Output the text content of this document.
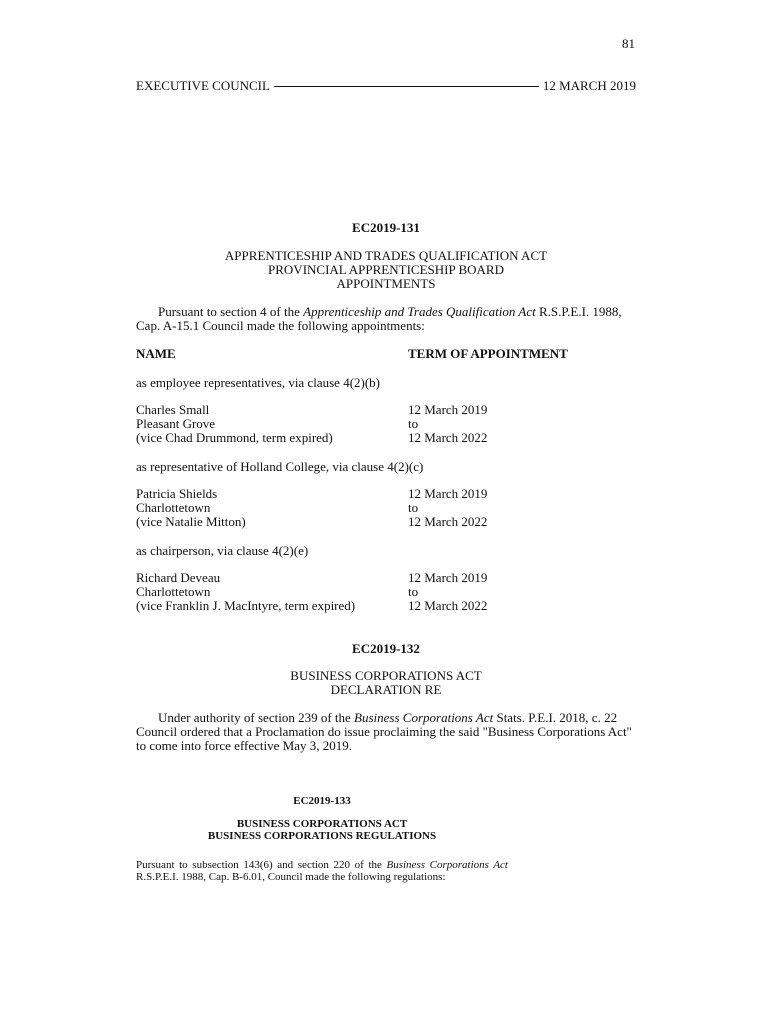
81
EXECUTIVE COUNCIL	12 MARCH 2019
EC2019-131
APPRENTICESHIP AND TRADES QUALIFICATION ACT
PROVINCIAL APPRENTICESHIP BOARD
APPOINTMENTS
Pursuant to section 4 of the Apprenticeship and Trades Qualification Act R.S.P.E.I. 1988, Cap. A-15.1 Council made the following appointments:
NAME	TERM OF APPOINTMENT
as employee representatives, via clause 4(2)(b)
Charles Small
Pleasant Grove
(vice Chad Drummond, term expired)
12 March 2019
to
12 March 2022
as representative of Holland College, via clause 4(2)(c)
Patricia Shields
Charlottetown
(vice Natalie Mitton)
12 March 2019
to
12 March 2022
as chairperson, via clause 4(2)(e)
Richard Deveau
Charlottetown
(vice Franklin J. MacIntyre, term expired)
12 March 2019
to
12 March 2022
EC2019-132
BUSINESS CORPORATIONS ACT
DECLARATION RE
Under authority of section 239 of the Business Corporations Act Stats. P.E.I. 2018, c. 22 Council ordered that a Proclamation do issue proclaiming the said "Business Corporations Act" to come into force effective May 3, 2019.
EC2019-133
BUSINESS CORPORATIONS ACT
BUSINESS CORPORATIONS REGULATIONS
Pursuant to subsection 143(6) and section 220 of the Business Corporations Act R.S.P.E.I. 1988, Cap. B-6.01, Council made the following regulations:
